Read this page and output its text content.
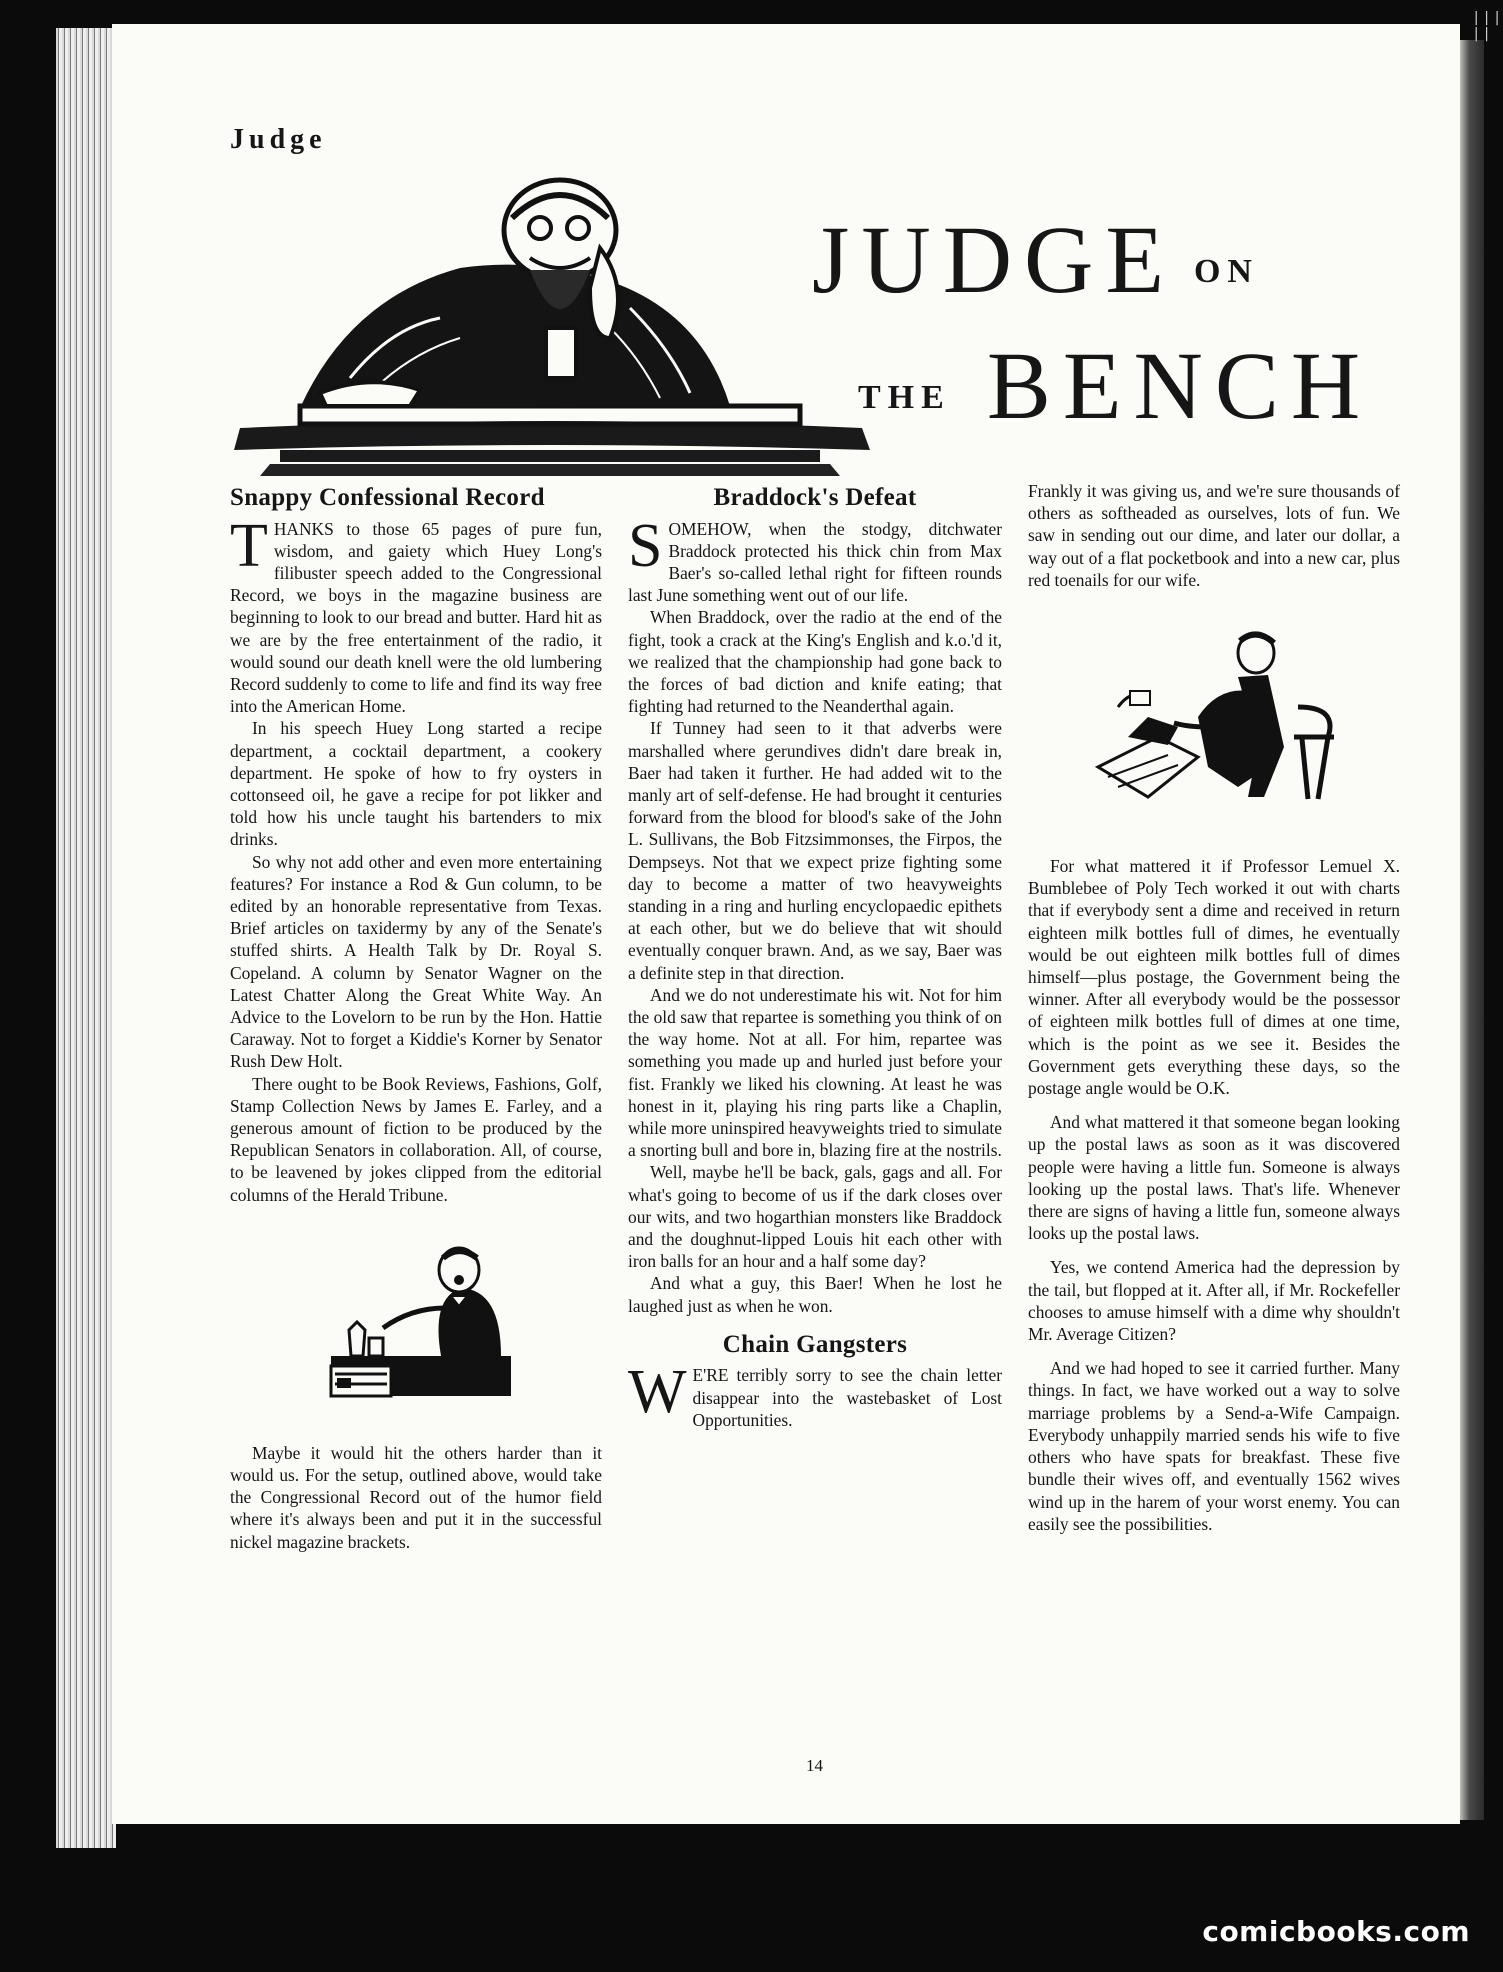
||| ||
Judge
JUDGE ON
THE BENCH
Snappy Confessional Record

THANKS to those 65 pages of pure fun, wisdom, and gaiety which Huey Long's filibuster speech added to the Congressional Record, we boys in the magazine business are beginning to look to our bread and butter. Hard hit as we are by the free entertainment of the radio, it would sound our death knell were the old lumbering Record suddenly to come to life and find its way free into the American Home.

In his speech Huey Long started a recipe department, a cocktail department, a cookery department. He spoke of how to fry oysters in cottonseed oil, he gave a recipe for pot likker and told how his uncle taught his bartenders to mix drinks.

So why not add other and even more entertaining features? For instance a Rod & Gun column, to be edited by an honorable representative from Texas. Brief articles on taxidermy by any of the Senate's stuffed shirts. A Health Talk by Dr. Royal S. Copeland. A column by Senator Wagner on the Latest Chatter Along the Great White Way. An Advice to the Lovelorn to be run by the Hon. Hattie Caraway. Not to forget a Kiddie's Korner by Senator Rush Dew Holt.

There ought to be Book Reviews, Fashions, Golf, Stamp Collection News by James E. Farley, and a generous amount of fiction to be produced by the Republican Senators in collaboration. All, of course, to be leavened by jokes clipped from the editorial columns of the Herald Tribune.

Maybe it would hit the others harder than it would us. For the setup, outlined above, would take the Congressional Record out of the humor field where it's always been and put it in the successful nickel magazine brackets.

Braddock's Defeat

SOMEHOW, when the stodgy, ditchwater Braddock protected his thick chin from Max Baer's so-called lethal right for fifteen rounds last June something went out of our life.

When Braddock, over the radio at the end of the fight, took a crack at the King's English and k.o.'d it, we realized that the championship had gone back to the forces of bad diction and knife eating; that fighting had returned to the Neanderthal again.

If Tunney had seen to it that adverbs were marshalled where gerundives didn't dare break in, Baer had taken it further. He had added wit to the manly art of self-defense. He had brought it centuries forward from the blood for blood's sake of the John L. Sullivans, the Bob Fitzsimmonses, the Firpos, the Dempseys. Not that we expect prize fighting some day to become a matter of two heavyweights standing in a ring and hurling encyclopaedic epithets at each other, but we do believe that wit should eventually conquer brawn. And, as we say, Baer was a definite step in that direction.

And we do not underestimate his wit. Not for him the old saw that repartee is something you think of on the way home. Not at all. For him, repartee was something you made up and hurled just before your fist. Frankly we liked his clowning. At least he was honest in it, playing his ring parts like a Chaplin, while more uninspired heavyweights tried to simulate a snorting bull and bore in, blazing fire at the nostrils.

Well, maybe he'll be back, gals, gags and all. For what's going to become of us if the dark closes over our wits, and two hogarthian monsters like Braddock and the doughnut-lipped Louis hit each other with iron balls for an hour and a half some day?

And what a guy, this Baer! When he lost he laughed just as when he won.

Chain Gangsters

W E'RE terribly sorry to see the chain letter disappear into the wastebasket of Lost Opportunities.

Frankly it was giving us, and we're sure thousands of others as softheaded as ourselves, lots of fun. We saw in sending out our dime, and later our dollar, a way out of a flat pocketbook and into a new car, plus red toenails for our wife.

For what mattered it if Professor Lemuel X. Bumblebee of Poly Tech worked it out with charts that if everybody sent a dime and received in return eighteen milk bottles full of dimes, he eventually would be out eighteen milk bottles full of dimes himself—plus postage, the Government being the winner. After all everybody would be the possessor of eighteen milk bottles full of dimes at one time, which is the point as we see it. Besides the Government gets everything these days, so the postage angle would be O.K.

And what mattered it that someone began looking up the postal laws as soon as it was discovered people were having a little fun. Someone is always looking up the postal laws. That's life. Whenever there are signs of having a little fun, someone always looks up the postal laws.

Yes, we contend America had the depression by the tail, but flopped at it. After all, if Mr. Rockefeller chooses to amuse himself with a dime why shouldn't Mr. Average Citizen?

And we had hoped to see it carried further. Many things. In fact, we have worked out a way to solve marriage problems by a Send-a-Wife Campaign. Everybody unhappily married sends his wife to five others who have spats for breakfast. These five bundle their wives off, and eventually 1562 wives wind up in the harem of your worst enemy. You can easily see the possibilities.

14
comicbooks.com
